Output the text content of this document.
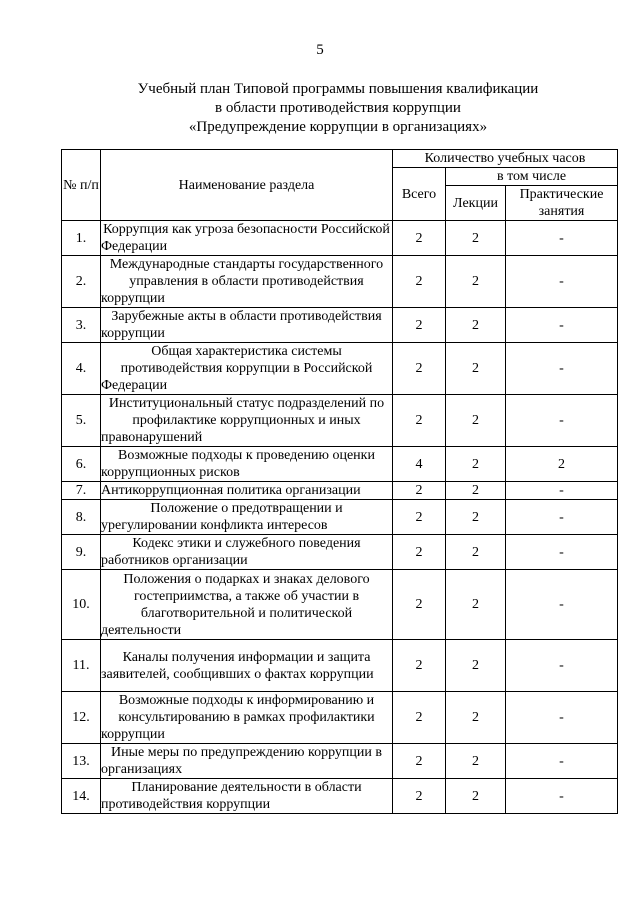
5
Учебный план Типовой программы повышения квалификации
в области противодействия коррупции
«Предупреждение коррупции в организациях»
№ п/п	Наименование раздела	Количество учебных часов		
		Всего	в том числе	
			Лекции	Практические занятия
1.	Коррупция как угроза безопасности Российской Федерации	2	2	-
2.	Международные стандарты государственного управления в области противодействия коррупции	2	2	-
3.	Зарубежные акты в области противодействия коррупции	2	2	-
4.	Общая характеристика системы противодействия коррупции в Российской Федерации	2	2	-
5.	Институциональный статус подразделений по профилактике коррупционных и иных правонарушений	2	2	-
6.	Возможные подходы к проведению оценки коррупционных рисков	4	2	2
7.	Антикоррупционная политика организации	2	2	-
8.	Положение о предотвращении и урегулировании конфликта интересов	2	2	-
9.	Кодекс этики и служебного поведения работников организации	2	2	-
10.	Положения о подарках и знаках делового гостеприимства, а также об участии в благотворительной и политической деятельности	2	2	-
11.	Каналы получения информации и защита заявителей, сообщивших о фактах коррупции	2	2	-
12.	Возможные подходы к информированию и консультированию в рамках профилактики коррупции	2	2	-
13.	Иные меры по предупреждению коррупции в организациях	2	2	-
14.	Планирование деятельности в области противодействия коррупции	2	2	-
